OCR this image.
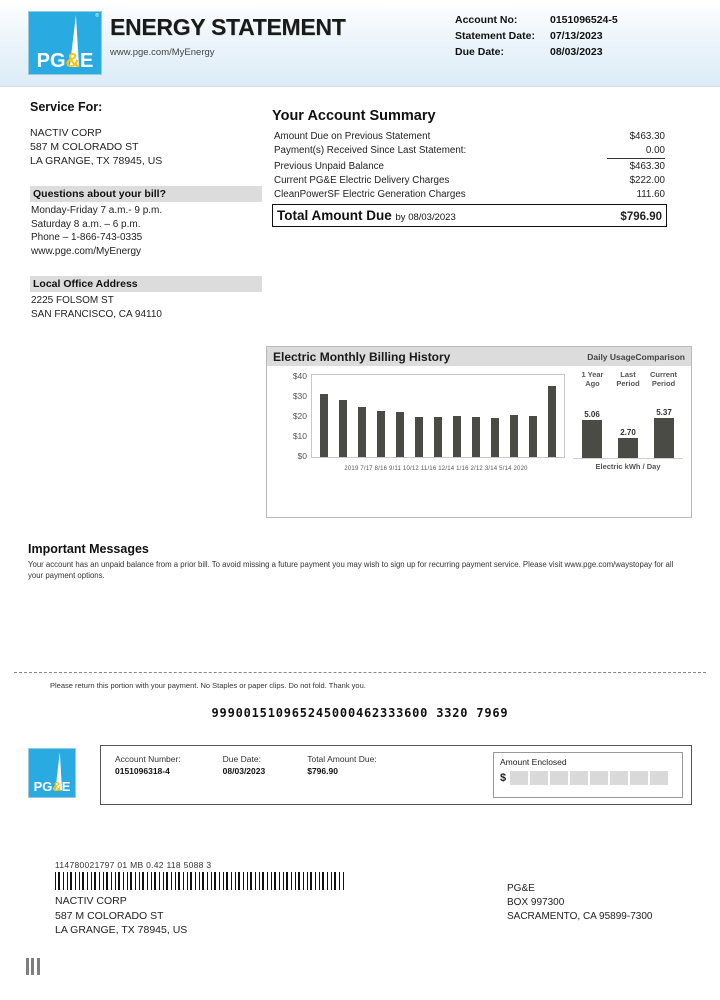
®
PG&E
ENERGY STATEMENT
www.pge.com/MyEnergy
Account No:	0151096524-5
Statement Date:	07/13/2023
Due Date:	08/03/2023
Service For:
NACTIV CORP
587 M COLORADO ST
LA GRANGE, TX 78945, US
Questions about your bill?
Monday-Friday 7 a.m.- 9 p.m.
Saturday 8 a.m. – 6 p.m.
Phone – 1-866-743-0335
www.pge.com/MyEnergy
Local Office Address
2225 FOLSOM ST
SAN FRANCISCO, CA 94110
Your Account Summary
Amount Due on Previous Statement	$463.30
Payment(s) Received Since Last Statement:	0.00
Previous Unpaid Balance	$463.30
Current PG&E Electric Delivery Charges	$222.00
CleanPowerSF Electric Generation Charges	111.60
Total Amount Due by 08/03/2023	$796.90
Electric Monthly Billing History	Daily UsageComparison
$40
$30
$20
$10
$0
2019 7/17 8/16 9/11 10/12 11/16 12/14 1/16 2/12 3/14 5/14 2020
1 Year
Ago
Last
Period
Current
Period
5.06
2.70
5.37
Electric kWh / Day
Important Messages

Your account has an unpaid balance from a prior bill. To avoid missing a future payment you may wish to sign up for recurring payment service. Please visit www.pge.com/waystopay for all your payment options.

Please return this portion with your payment. No Staples or paper clips. Do not fold. Thank you.
999001510965245000462333600 3320 7969
PG&E
Account Number:
0151096318-4
Due Date:
08/03/2023
Total Amount Due:
$796.90
Amount Enclosed
$
114780021797 01 MB 0.42 118 5088 3
NACTIV CORP
587 M COLORADO ST
LA GRANGE, TX 78945, US
PG&E
BOX 997300
SACRAMENTO, CA 95899-7300
